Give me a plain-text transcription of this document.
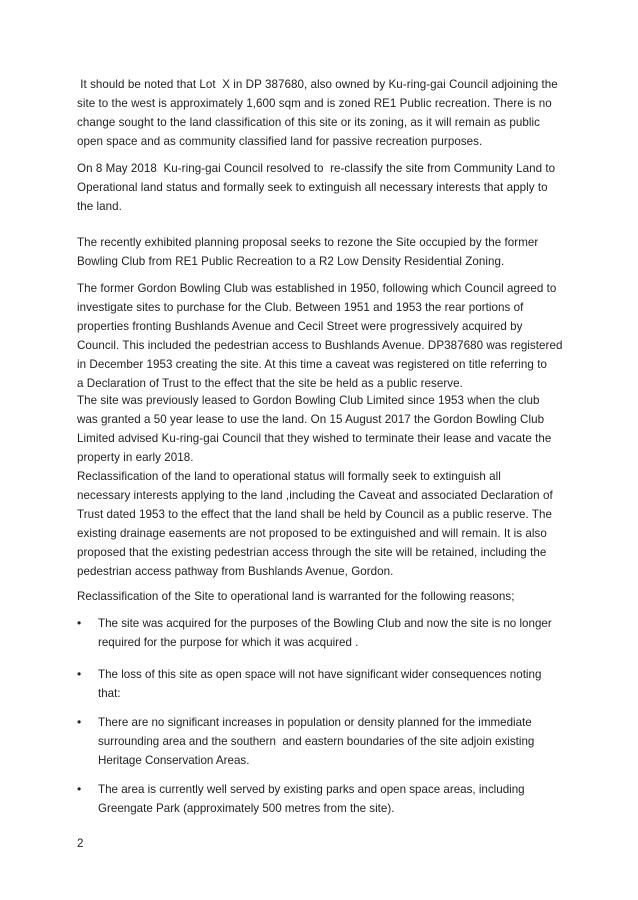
It should be noted that Lot  X in DP 387680, also owned by Ku-ring-gai Council adjoining the
site to the west is approximately 1,600 sqm and is zoned RE1 Public recreation. There is no
change sought to the land classification of this site or its zoning, as it will remain as public
open space and as community classified land for passive recreation purposes.
On 8 May 2018  Ku-ring-gai Council resolved to  re-classify the site from Community Land to
Operational land status and formally seek to extinguish all necessary interests that apply to
the land.
The recently exhibited planning proposal seeks to rezone the Site occupied by the former
Bowling Club from RE1 Public Recreation to a R2 Low Density Residential Zoning.
The former Gordon Bowling Club was established in 1950, following which Council agreed to
investigate sites to purchase for the Club. Between 1951 and 1953 the rear portions of
properties fronting Bushlands Avenue and Cecil Street were progressively acquired by
Council. This included the pedestrian access to Bushlands Avenue. DP387680 was registered
in December 1953 creating the site. At this time a caveat was registered on title referring to
a Declaration of Trust to the effect that the site be held as a public reserve.
The site was previously leased to Gordon Bowling Club Limited since 1953 when the club
was granted a 50 year lease to use the land. On 15 August 2017 the Gordon Bowling Club
Limited advised Ku-ring-gai Council that they wished to terminate their lease and vacate the
property in early 2018.
Reclassification of the land to operational status will formally seek to extinguish all
necessary interests applying to the land ,including the Caveat and associated Declaration of
Trust dated 1953 to the effect that the land shall be held by Council as a public reserve. The
existing drainage easements are not proposed to be extinguished and will remain. It is also
proposed that the existing pedestrian access through the site will be retained, including the
pedestrian access pathway from Bushlands Avenue, Gordon.
Reclassification of the Site to operational land is warranted for the following reasons;
•	The site was acquired for the purposes of the Bowling Club and now the site is no longer
required for the purpose for which it was acquired .
•	The loss of this site as open space will not have significant wider consequences noting
that:
•	There are no significant increases in population or density planned for the immediate
surrounding area and the southern  and eastern boundaries of the site adjoin existing
Heritage Conservation Areas.
•	The area is currently well served by existing parks and open space areas, including
Greengate Park (approximately 500 metres from the site).
2
